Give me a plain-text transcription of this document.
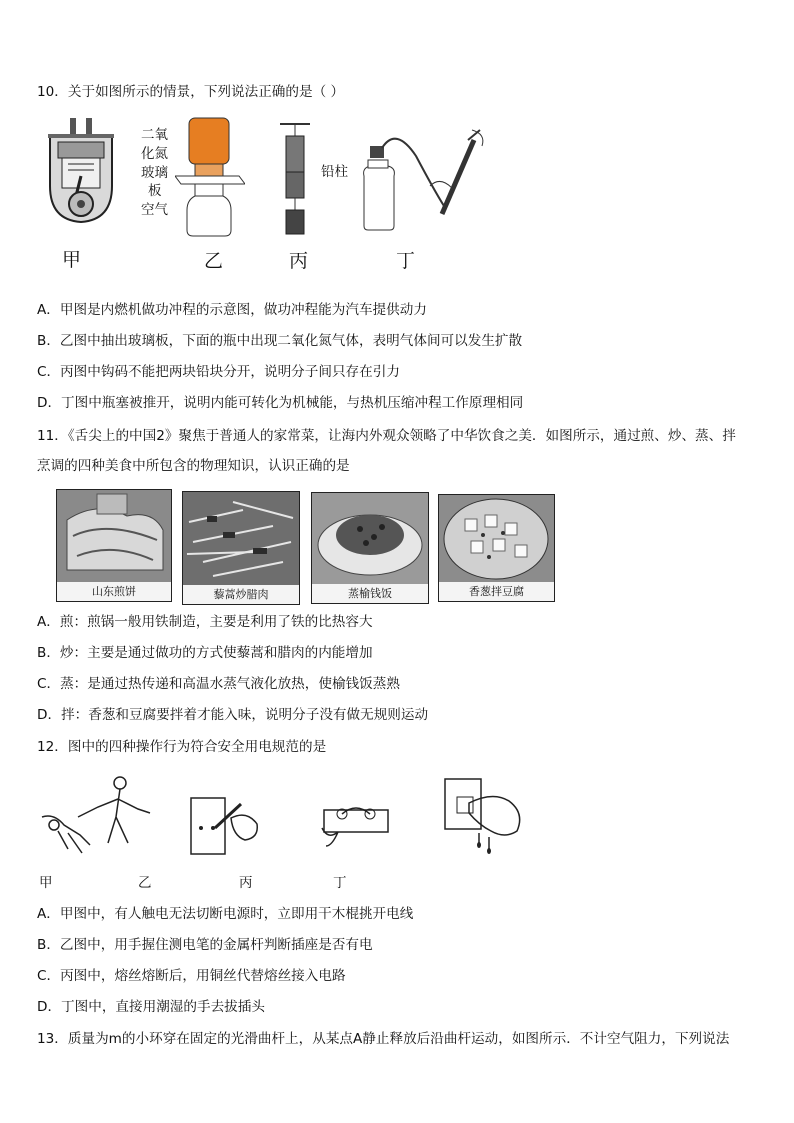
10．关于如图所示的情景，下列说法正确的是（ ）
甲
二氧
化氮
玻璃
板
空气
乙
铅柱
丙	丁
A．甲图是内燃机做功冲程的示意图，做功冲程能为汽车提供动力
B．乙图中抽出玻璃板，下面的瓶中出现二氧化氮气体，表明气体间可以发生扩散
C．丙图中钩码不能把两块铅块分开，说明分子间只存在引力
D．丁图中瓶塞被推开，说明内能可转化为机械能，与热机压缩冲程工作原理相同
11．《舌尖上的中国2》聚焦于普通人的家常菜，让海内外观众领略了中华饮食之美．如图所示，通过煎、炒、蒸、拌
烹调的四种美食中所包含的物理知识，认识正确的是
山东煎饼	藜蒿炒腊肉	蒸榆钱饭	香葱拌豆腐
A．煎：煎锅一般用铁制造，主要是利用了铁的比热容大
B．炒：主要是通过做功的方式使藜蒿和腊肉的内能增加
C．蒸：是通过热传递和高温水蒸气液化放热，使榆钱饭蒸熟
D．拌：香葱和豆腐要拌着才能入味，说明分子没有做无规则运动
12．图中的四种操作行为符合安全用电规范的是
甲	乙	丙	丁
A．甲图中，有人触电无法切断电源时，立即用干木棍挑开电线
B．乙图中，用手握住测电笔的金属杆判断插座是否有电
C．丙图中，熔丝熔断后，用铜丝代替熔丝接入电路
D．丁图中，直接用潮湿的手去拔插头
13．质量为m的小环穿在固定的光滑曲杆上，从某点A静止释放后沿曲杆运动，如图所示．不计空气阻力，下列说法
